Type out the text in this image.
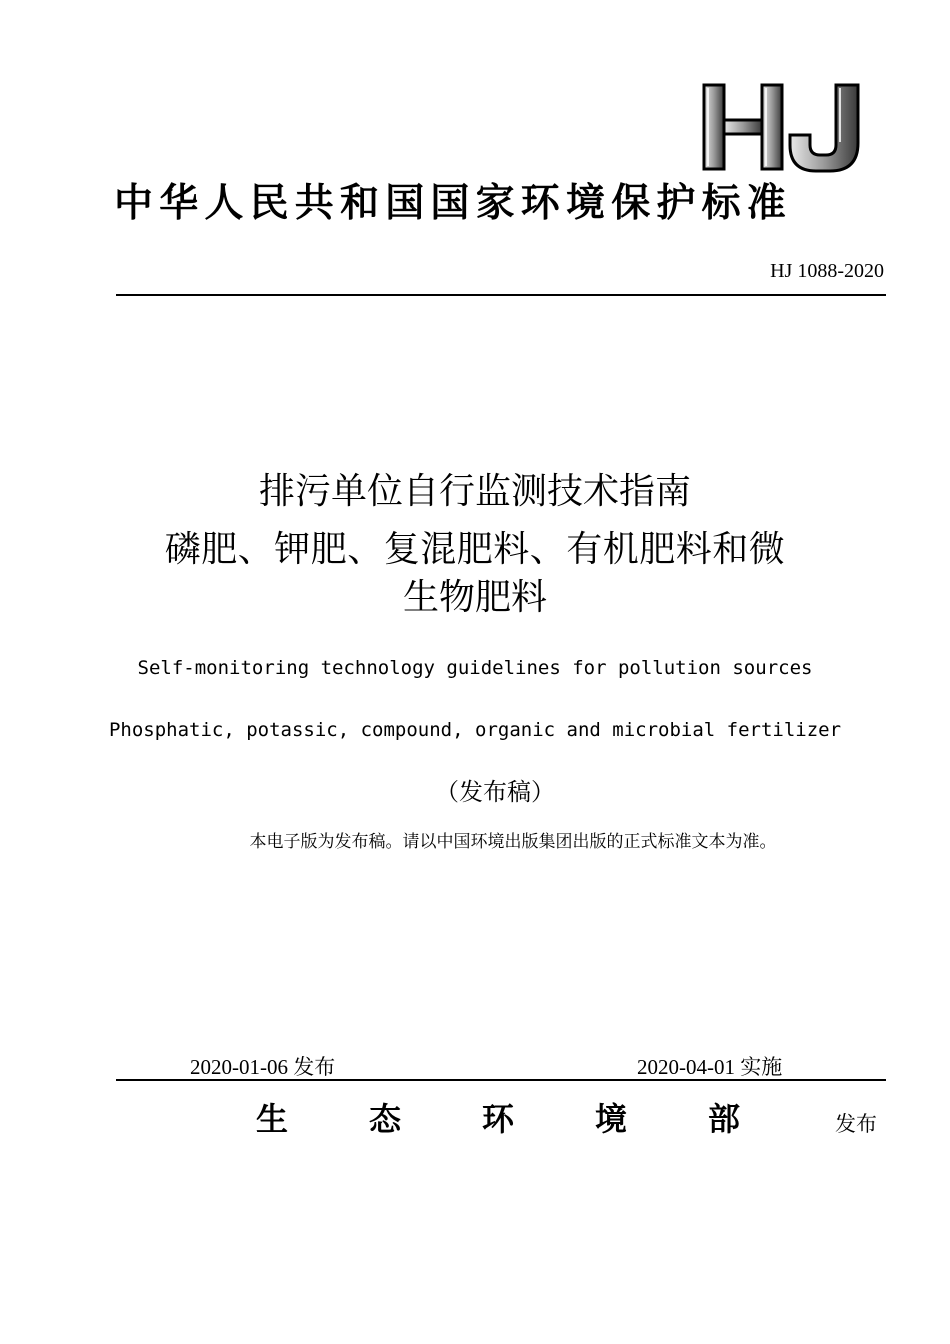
中华人民共和国国家环境保护标准
HJ 1088-2020
排污单位自行监测技术指南
磷肥、钾肥、复混肥料、有机肥料和微
生物肥料
Self-monitoring technology guidelines for pollution sources
Phosphatic, potassic, compound, organic and microbial fertilizer
（发布稿）
本电子版为发布稿。请以中国环境出版集团出版的正式标准文本为准。
2020-01-06 发布	2020-04-01 实施
生态环境部 发布
